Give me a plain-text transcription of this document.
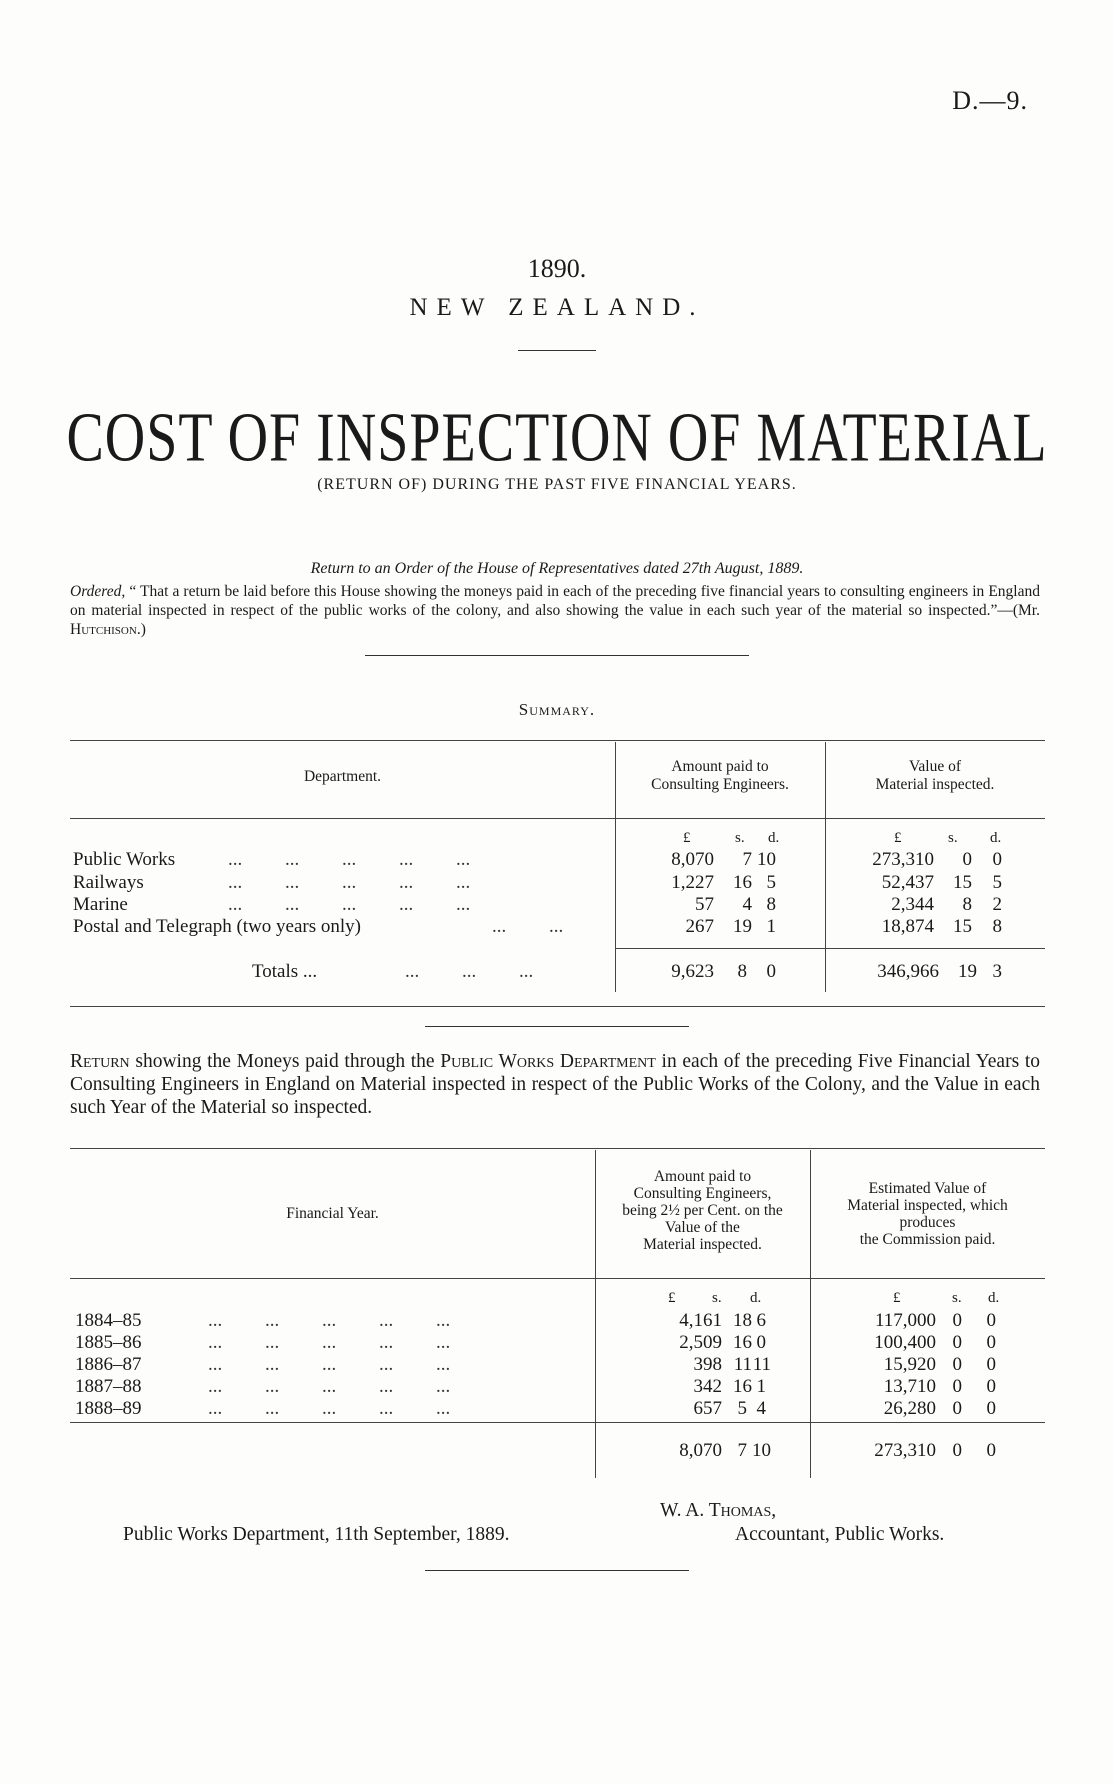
D.—9.
1890.
NEW ZEALAND.
COST OF INSPECTION OF MATERIAL
(RETURN OF) DURING THE PAST FIVE FINANCIAL YEARS.
Return to an Order of the House of Representatives dated 27th August, 1889.
Ordered, “ That a return be laid before this House showing the moneys paid in each of the preceding five financial years to consulting engineers in England on material inspected in respect of the public works of the colony, and also showing the value in each such year of the material so inspected.”—(Mr. Hutchison.)
Summary.
Department.
Amount paid to
Consulting Engineers.
Value of
Material inspected.
£	s. d.	£	s. d.
Public Works	...         ...         ...         ...         ...	8,070 7 10	273,310 0 0
Railways	...         ...         ...         ...         ...	1,227 16 5	52,437 15 5
Marine	...         ...         ...         ...         ...	57 4 8	2,344 8 2
Postal and Telegraph (two years only)	...         ...	267 19 1	18,874 15 8
Totals ...	...         ...         ...	9,623 8 0	346,966 19 3
Return showing the Moneys paid through the Public Works Department in each of the preceding Five Financial Years to Consulting Engineers in England on Material inspected in respect of the Public Works of the Colony, and the Value in each such Year of the Material so inspected.
Financial Year.
Amount paid to
Consulting Engineers,
being 2½ per Cent. on the
Value of the
Material inspected.
Estimated Value of
Material inspected, which
produces
the Commission paid.
£ s. d.	£	s. d.
1884–85	...         ...         ...         ...         ...	4,161 18 6	117,000 0 0
1885–86	...         ...         ...         ...         ...	2,509 16 0	100,400 0 0
1886–87	...         ...         ...         ...         ...	398 11 11	15,920 0 0
1887–88	...         ...         ...         ...         ...	342 16 1	13,710 0 0
1888–89	...         ...         ...         ...         ...	657 5 4	26,280 0 0
8,070 7 10	273,310 0 0
Public Works Department, 11th September, 1889.
W. A. Thomas,
Accountant, Public Works.
